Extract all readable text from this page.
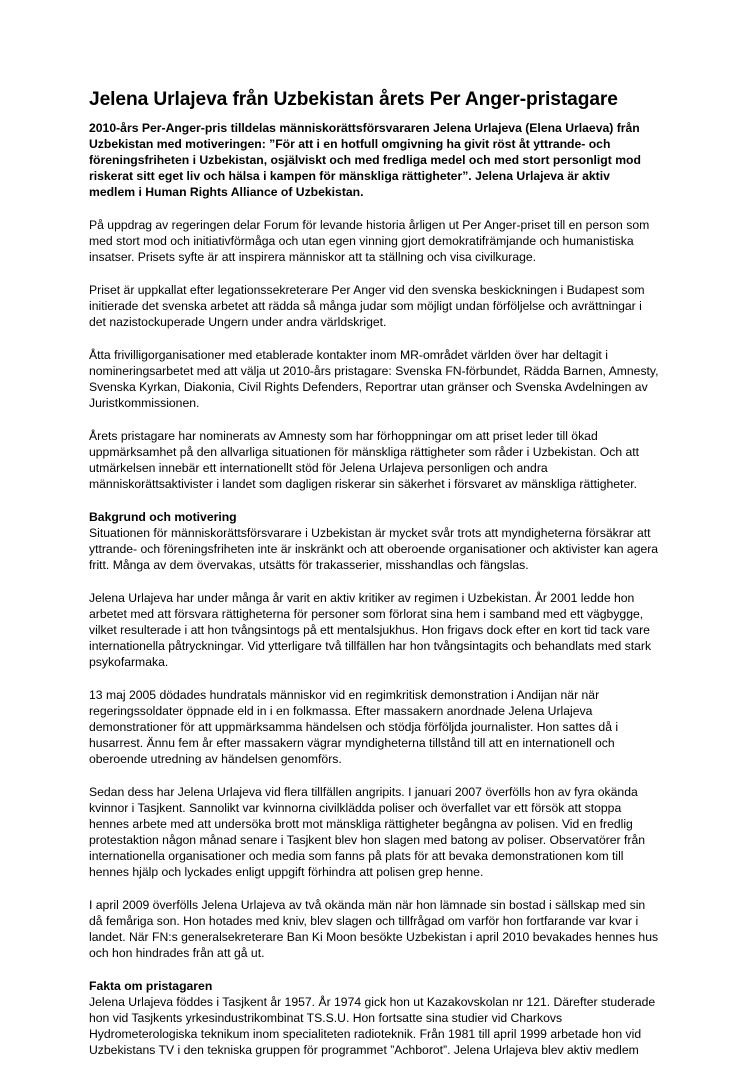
Jelena Urlajeva från Uzbekistan årets Per Anger-pristagare
2010-års Per-Anger-pris tilldelas människorättsförsvararen Jelena Urlajeva (Elena Urlaeva) från Uzbekistan med motiveringen: ”För att i en hotfull omgivning ha givit röst åt yttrande- och föreningsfriheten i Uzbekistan, osjälviskt och med fredliga medel och med stort personligt mod riskerat sitt eget liv och hälsa i kampen för mänskliga rättigheter”. Jelena Urlajeva är aktiv medlem i Human Rights Alliance of Uzbekistan.

På uppdrag av regeringen delar Forum för levande historia årligen ut Per Anger-priset till en person som med stort mod och initiativförmåga och utan egen vinning gjort demokratifrämjande och humanistiska insatser. Prisets syfte är att inspirera människor att ta ställning och visa civilkurage.

Priset är uppkallat efter legationssekreterare Per Anger vid den svenska beskickningen i Budapest som initierade det svenska arbetet att rädda så många judar som möjligt undan förföljelse och avrättningar i det nazistockuperade Ungern under andra världskriget.

Åtta frivilligorganisationer med etablerade kontakter inom MR-området världen över har deltagit i nomineringsarbetet med att välja ut 2010-års pristagare: Svenska FN-förbundet, Rädda Barnen, Amnesty, Svenska Kyrkan, Diakonia, Civil Rights Defenders, Reportrar utan gränser och Svenska Avdelningen av Juristkommissionen.

Årets pristagare har nominerats av Amnesty som har förhoppningar om att priset leder till ökad uppmärksamhet på den allvarliga situationen för mänskliga rättigheter som råder i Uzbekistan. Och att utmärkelsen innebär ett internationellt stöd för Jelena Urlajeva personligen och andra människorättsaktivister i landet som dagligen riskerar sin säkerhet i försvaret av mänskliga rättigheter.

Bakgrund och motivering
Situationen för människorättsförsvarare i Uzbekistan är mycket svår trots att myndigheterna försäkrar att yttrande- och föreningsfriheten inte är inskränkt och att oberoende organisationer och aktivister kan agera fritt. Många av dem övervakas, utsätts för trakasserier, misshandlas och fängslas.

Jelena Urlajeva har under många år varit en aktiv kritiker av regimen i Uzbekistan. År 2001 ledde hon arbetet med att försvara rättigheterna för personer som förlorat sina hem i samband med ett vägbygge, vilket resulterade i att hon tvångsintogs på ett mentalsjukhus. Hon frigavs dock efter en kort tid tack vare internationella påtryckningar. Vid ytterligare två tillfällen har hon tvångsintagits och behandlats med stark psykofarmaka.

13 maj 2005 dödades hundratals människor vid en regimkritisk demonstration i Andijan när när regeringssoldater öppnade eld in i en folkmassa. Efter massakern anordnade Jelena Urlajeva demonstrationer för att uppmärksamma händelsen och stödja förföljda journalister. Hon sattes då i husarrest. Ännu fem år efter massakern vägrar myndigheterna tillstånd till att en internationell och oberoende utredning av händelsen genomförs.

Sedan dess har Jelena Urlajeva vid flera tillfällen angripits. I januari 2007 överfölls hon av fyra okända kvinnor i Tasjkent. Sannolikt var kvinnorna civilklädda poliser och överfallet var ett försök att stoppa hennes arbete med att undersöka brott mot mänskliga rättigheter begångna av polisen. Vid en fredlig protestaktion någon månad senare i Tasjkent blev hon slagen med batong av poliser. Observatörer från internationella organisationer och media som fanns på plats för att bevaka demonstrationen kom till hennes hjälp och lyckades enligt uppgift förhindra att polisen grep henne.

I april 2009 överfölls Jelena Urlajeva av två okända män när hon lämnade sin bostad i sällskap med sin då femåriga son. Hon hotades med kniv, blev slagen och tillfrågad om varför hon fortfarande var kvar i landet. När FN:s generalsekreterare Ban Ki Moon besökte Uzbekistan i april 2010 bevakades hennes hus och hon hindrades från att gå ut.

Fakta om pristagaren
Jelena Urlajeva föddes i Tasjkent år 1957. År 1974 gick hon ut Kazakovskolan nr 121. Därefter studerade hon vid Tasjkents yrkesindustrikombinat TS.S.U. Hon fortsatte sina studier vid Charkovs Hydrometerologiska teknikum inom specialiteten radioteknik. Från 1981 till april 1999 arbetade hon vid Uzbekistans TV i den tekniska gruppen för programmet ”Achborot”. Jelena Urlajeva blev aktiv medlem
